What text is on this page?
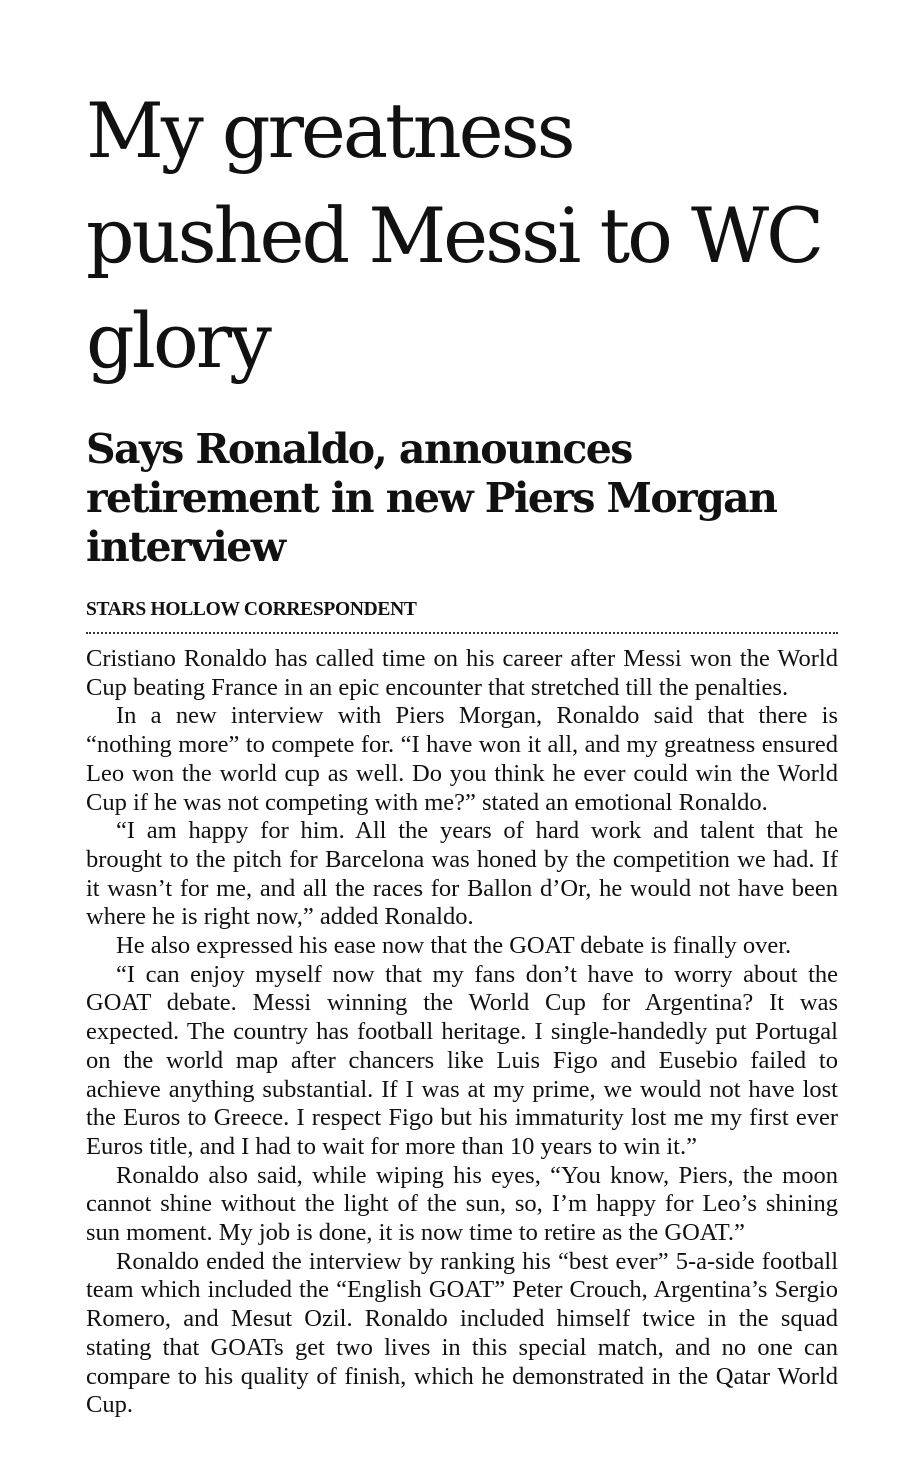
My greatness pushed Messi to WC glory
Says Ronaldo, announces retirement in new Piers Morgan interview
STARS HOLLOW CORRESPONDENT

Cristiano Ronaldo has called time on his career after Messi won the World Cup beating France in an epic encounter that stretched till the penalties.

In a new interview with Piers Morgan, Ronaldo said that there is “nothing more” to compete for. “I have won it all, and my greatness ensured Leo won the world cup as well. Do you think he ever could win the World Cup if he was not competing with me?” stated an emotional Ronaldo.

“I am happy for him. All the years of hard work and talent that he brought to the pitch for Barcelona was honed by the competition we had. If it wasn’t for me, and all the races for Ballon d’Or, he would not have been where he is right now,” added Ronaldo.

He also expressed his ease now that the GOAT debate is finally over.

“I can enjoy myself now that my fans don’t have to worry about the GOAT debate. Messi winning the World Cup for Argentina? It was expected. The country has football heritage. I single-handedly put Portugal on the world map after chancers like Luis Figo and Eusebio failed to achieve anything substantial. If I was at my prime, we would not have lost the Euros to Greece. I respect Figo but his immaturity lost me my first ever Euros title, and I had to wait for more than 10 years to win it.”

Ronaldo also said, while wiping his eyes, “You know, Piers, the moon cannot shine without the light of the sun, so, I’m happy for Leo’s shining sun moment. My job is done, it is now time to retire as the GOAT.”

Ronaldo ended the interview by ranking his “best ever” 5-a-side football team which included the “English GOAT” Peter Crouch, Argentina’s Sergio Romero, and Mesut Ozil. Ronaldo included himself twice in the squad stating that GOATs get two lives in this special match, and no one can compare to his quality of finish, which he demonstrated in the Qatar World Cup.
